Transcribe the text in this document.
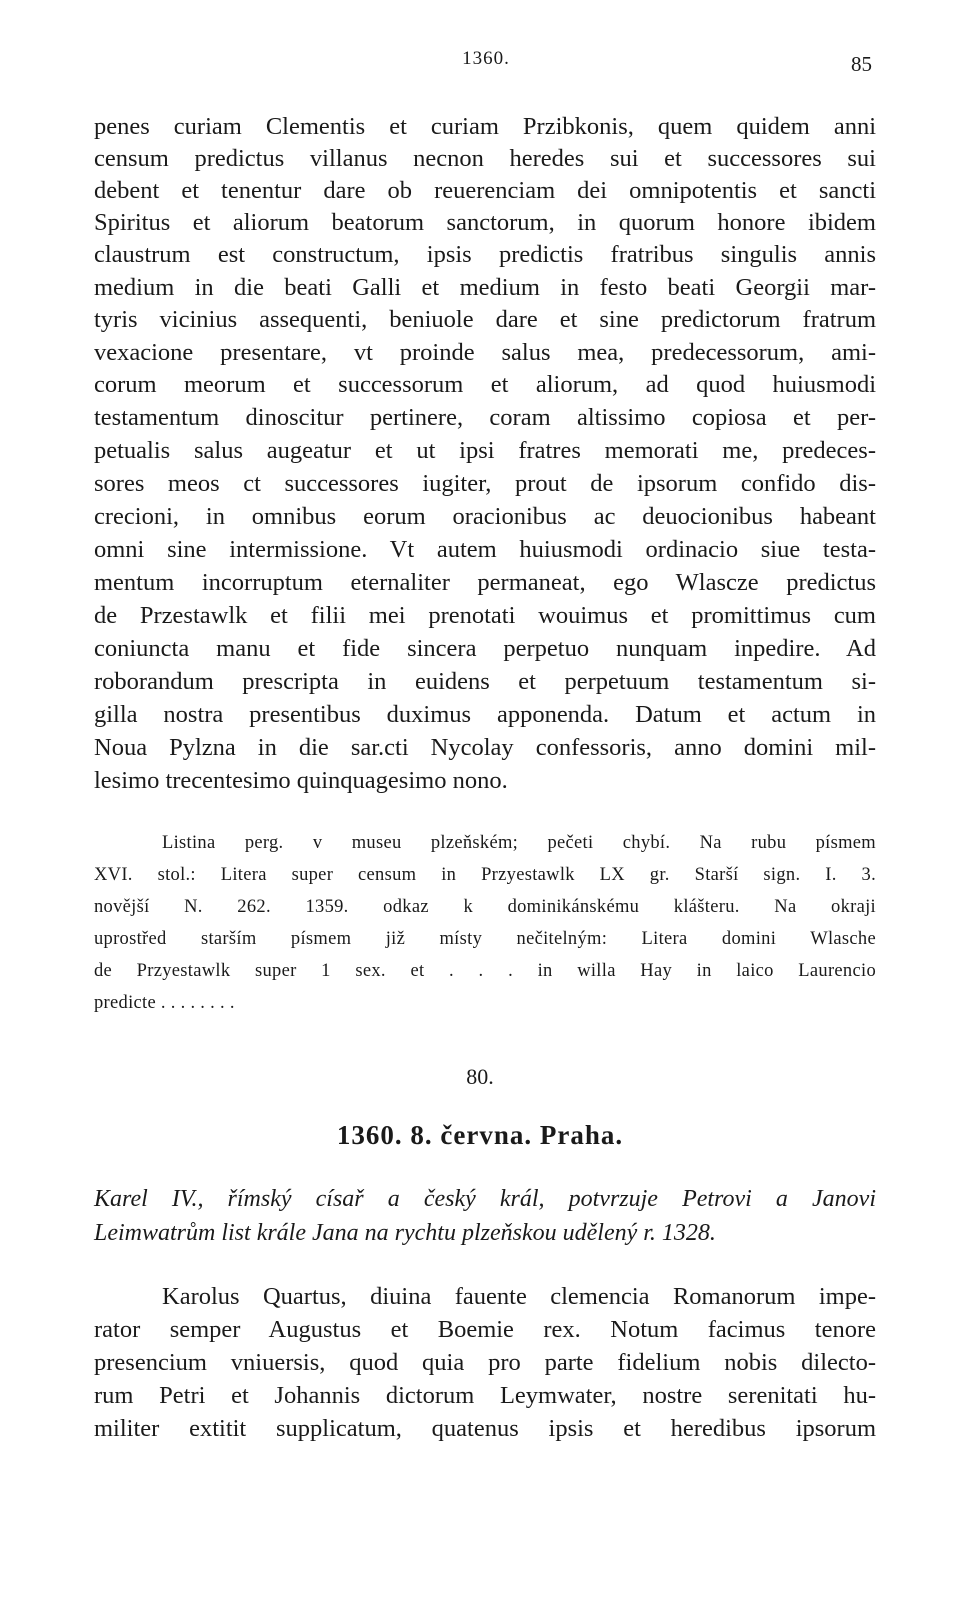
1360.	85
penes curiam Clementis et curiam Przibkonis, quem quidem anni
censum predictus villanus necnon heredes sui et successores sui
debent et tenentur dare ob reuerenciam dei omnipotentis et sancti
Spiritus et aliorum beatorum sanctorum, in quorum honore ibidem
claustrum est constructum, ipsis predictis fratribus singulis annis
medium in die beati Galli et medium in festo beati Georgii mar-
tyris vicinius assequenti, beniuole dare et sine predictorum fratrum
vexacione presentare, vt proinde salus mea, predecessorum, ami-
corum meorum et successorum et aliorum, ad quod huiusmodi
testamentum dinoscitur pertinere, coram altissimo copiosa et per-
petualis salus augeatur et ut ipsi fratres memorati me, predeces-
sores meos ct successores iugiter, prout de ipsorum confido dis-
crecioni, in omnibus eorum oracionibus ac deuocionibus habeant
omni sine intermissione. Vt autem huiusmodi ordinacio siue testa-
mentum incorruptum eternaliter permaneat, ego Wlascze predictus
de Przestawlk et filii mei prenotati wouimus et promittimus cum
coniuncta manu et fide sincera perpetuo nunquam inpedire. Ad
roborandum prescripta in euidens et perpetuum testamentum si-
gilla nostra presentibus duximus apponenda. Datum et actum in
Noua Pylzna in die sar.cti Nycolay confessoris, anno domini mil-
lesimo trecentesimo quinquagesimo nono.
Listina perg. v museu plzeňském; pečeti chybí. Na rubu písmem
XVI. stol.: Litera super censum in Przyestawlk LX gr. Starší sign. I. 3.
novější N. 262. 1359. odkaz k dominikánskému klášteru. Na okraji
uprostřed starším písmem již místy nečitelným: Litera domini Wlasche
de Przyestawlk super 1 sex. et . . . in willa Hay in laico Laurencio
predicte . . . . . . . .
80.
1360. 8. června. Praha.
Karel IV., římský císař a český král, potvrzuje Petrovi a Janovi
Leimwatrům list krále Jana na rychtu plzeňskou udělený r. 1328.
Karolus Quartus, diuina fauente clemencia Romanorum impe-
rator semper Augustus et Boemie rex. Notum facimus tenore
presencium vniuersis, quod quia pro parte fidelium nobis dilecto-
rum Petri et Johannis dictorum Leymwater, nostre serenitati hu-
militer extitit supplicatum, quatenus ipsis et heredibus ipsorum
